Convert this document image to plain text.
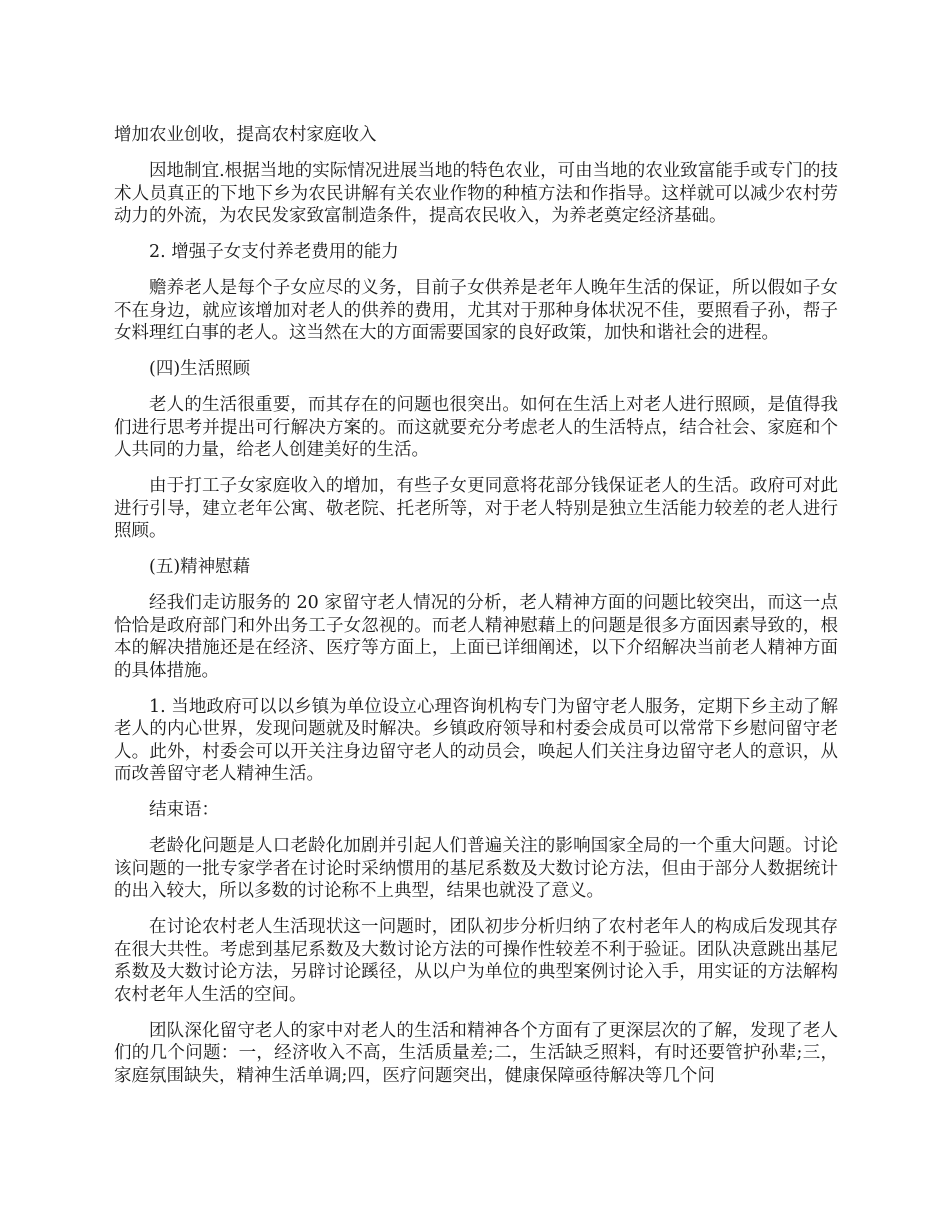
增加农业创收，提高农村家庭收入

因地制宜.根据当地的实际情况进展当地的特色农业，可由当地的农业致富能手或专门的技术人员真正的下地下乡为农民讲解有关农业作物的种植方法和作指导。这样就可以减少农村劳动力的外流，为农民发家致富制造条件，提高农民收入，为养老奠定经济基础。

2. 增强子女支付养老费用的能力

赡养老人是每个子女应尽的义务，目前子女供养是老年人晚年生活的保证，所以假如子女不在身边，就应该增加对老人的供养的费用，尤其对于那种身体状况不佳，要照看子孙，帮子女料理红白事的老人。这当然在大的方面需要国家的良好政策，加快和谐社会的进程。

(四)生活照顾

老人的生活很重要，而其存在的问题也很突出。如何在生活上对老人进行照顾，是值得我们进行思考并提出可行解决方案的。而这就要充分考虑老人的生活特点，结合社会、家庭和个人共同的力量，给老人创建美好的生活。

由于打工子女家庭收入的增加，有些子女更同意将花部分钱保证老人的生活。政府可对此进行引导，建立老年公寓、敬老院、托老所等，对于老人特别是独立生活能力较差的老人进行照顾。

(五)精神慰藉

经我们走访服务的 20 家留守老人情况的分析，老人精神方面的问题比较突出，而这一点恰恰是政府部门和外出务工子女忽视的。而老人精神慰藉上的问题是很多方面因素导致的，根本的解决措施还是在经济、医疗等方面上，上面已详细阐述，以下介绍解决当前老人精神方面的具体措施。

1. 当地政府可以以乡镇为单位设立心理咨询机构专门为留守老人服务，定期下乡主动了解老人的内心世界，发现问题就及时解决。乡镇政府领导和村委会成员可以常常下乡慰问留守老人。此外，村委会可以开关注身边留守老人的动员会，唤起人们关注身边留守老人的意识，从而改善留守老人精神生活。

结束语：

老龄化问题是人口老龄化加剧并引起人们普遍关注的影响国家全局的一个重大问题。讨论该问题的一批专家学者在讨论时采纳惯用的基尼系数及大数讨论方法，但由于部分人数据统计的出入较大，所以多数的讨论称不上典型，结果也就没了意义。

在讨论农村老人生活现状这一问题时，团队初步分析归纳了农村老年人的构成后发现其存在很大共性。考虑到基尼系数及大数讨论方法的可操作性较差不利于验证。团队决意跳出基尼系数及大数讨论方法，另辟讨论蹊径，从以户为单位的典型案例讨论入手，用实证的方法解构农村老年人生活的空间。

团队深化留守老人的家中对老人的生活和精神各个方面有了更深层次的了解，发现了老人们的几个问题：一，经济收入不高，生活质量差;二，生活缺乏照料，有时还要管护孙辈;三，家庭氛围缺失，精神生活单调;四，医疗问题突出，健康保障亟待解决等几个问
